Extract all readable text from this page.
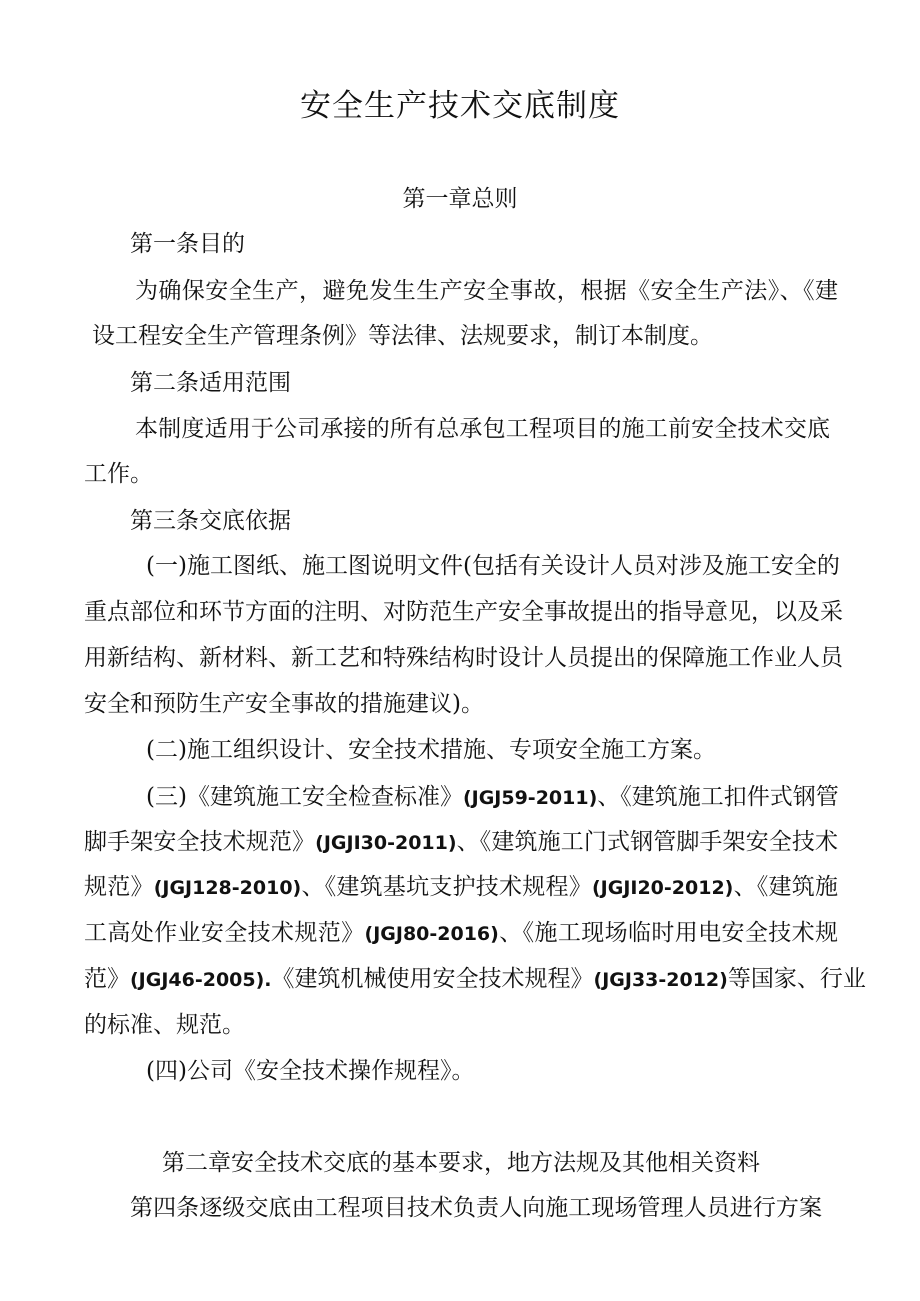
安全生产技术交底制度
第一章总则
第一条目的
为确保安全生产，避免发生生产安全事故，根据《安全生产法》、《建
设工程安全生产管理条例》等法律、法规要求，制订本制度。
第二条适用范围
本制度适用于公司承接的所有总承包工程项目的施工前安全技术交底
工作。
第三条交底依据
(一)施工图纸、施工图说明文件(包括有关设计人员对涉及施工安全的
重点部位和环节方面的注明、对防范生产安全事故提出的指导意见，以及采
用新结构、新材料、新工艺和特殊结构时设计人员提出的保障施工作业人员
安全和预防生产安全事故的措施建议)。
(二)施工组织设计、安全技术措施、专项安全施工方案。
(三)《建筑施工安全检查标准》(JGJ59-2011)、《建筑施工扣件式钢管
脚手架安全技术规范》(JGJI30-2011)、《建筑施工门式钢管脚手架安全技术
规范》(JGJ128-2010)、《建筑基坑支护技术规程》(JGJI20-2012)、《建筑施
工高处作业安全技术规范》(JGJ80-2016)、《施工现场临时用电安全技术规
范》(JGJ46-2005).《建筑机械使用安全技术规程》(JGJ33-2012)等国家、行业
的标准、规范。
(四)公司《安全技术操作规程》。
第二章安全技术交底的基本要求，地方法规及其他相关资料
第四条逐级交底由工程项目技术负责人向施工现场管理人员进行方案
